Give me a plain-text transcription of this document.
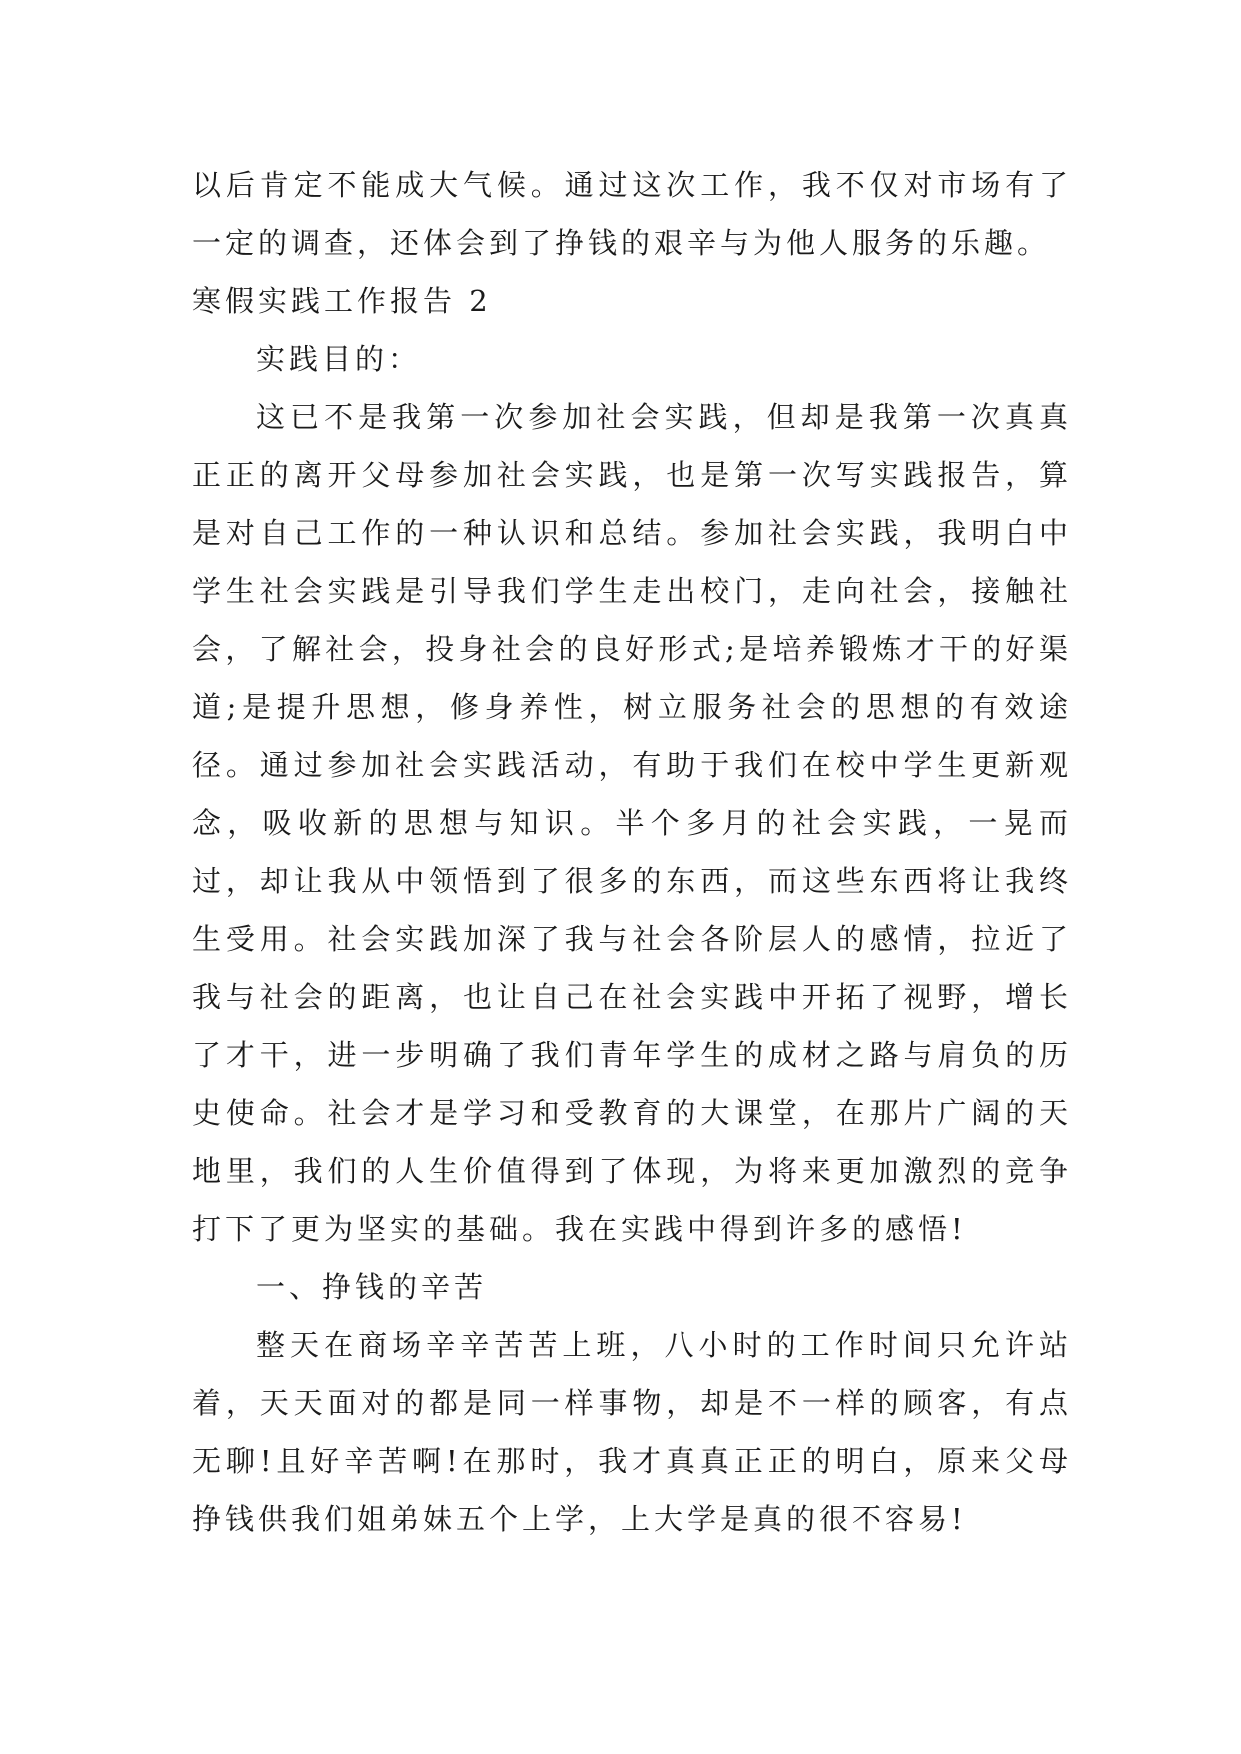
以后肯定不能成大气候。通过这次工作，我不仅对市场有了一定的调查，还体会到了挣钱的艰辛与为他人服务的乐趣。

寒假实践工作报告 2

实践目的：

这已不是我第一次参加社会实践，但却是我第一次真真正正的离开父母参加社会实践，也是第一次写实践报告，算是对自己工作的一种认识和总结。参加社会实践，我明白中学生社会实践是引导我们学生走出校门，走向社会，接触社会，了解社会，投身社会的良好形式;是培养锻炼才干的好渠道;是提升思想，修身养性，树立服务社会的思想的有效途径。通过参加社会实践活动，有助于我们在校中学生更新观念，吸收新的思想与知识。半个多月的社会实践，一晃而过，却让我从中领悟到了很多的东西，而这些东西将让我终生受用。社会实践加深了我与社会各阶层人的感情，拉近了我与社会的距离，也让自己在社会实践中开拓了视野，增长了才干，进一步明确了我们青年学生的成材之路与肩负的历史使命。社会才是学习和受教育的大课堂，在那片广阔的天地里，我们的人生价值得到了体现，为将来更加激烈的竞争打下了更为坚实的基础。我在实践中得到许多的感悟!

一、挣钱的辛苦

整天在商场辛辛苦苦上班，八小时的工作时间只允许站着，天天面对的都是同一样事物，却是不一样的顾客，有点无聊!且好辛苦啊!在那时，我才真真正正的明白，原来父母挣钱供我们姐弟妹五个上学，上大学是真的很不容易!
